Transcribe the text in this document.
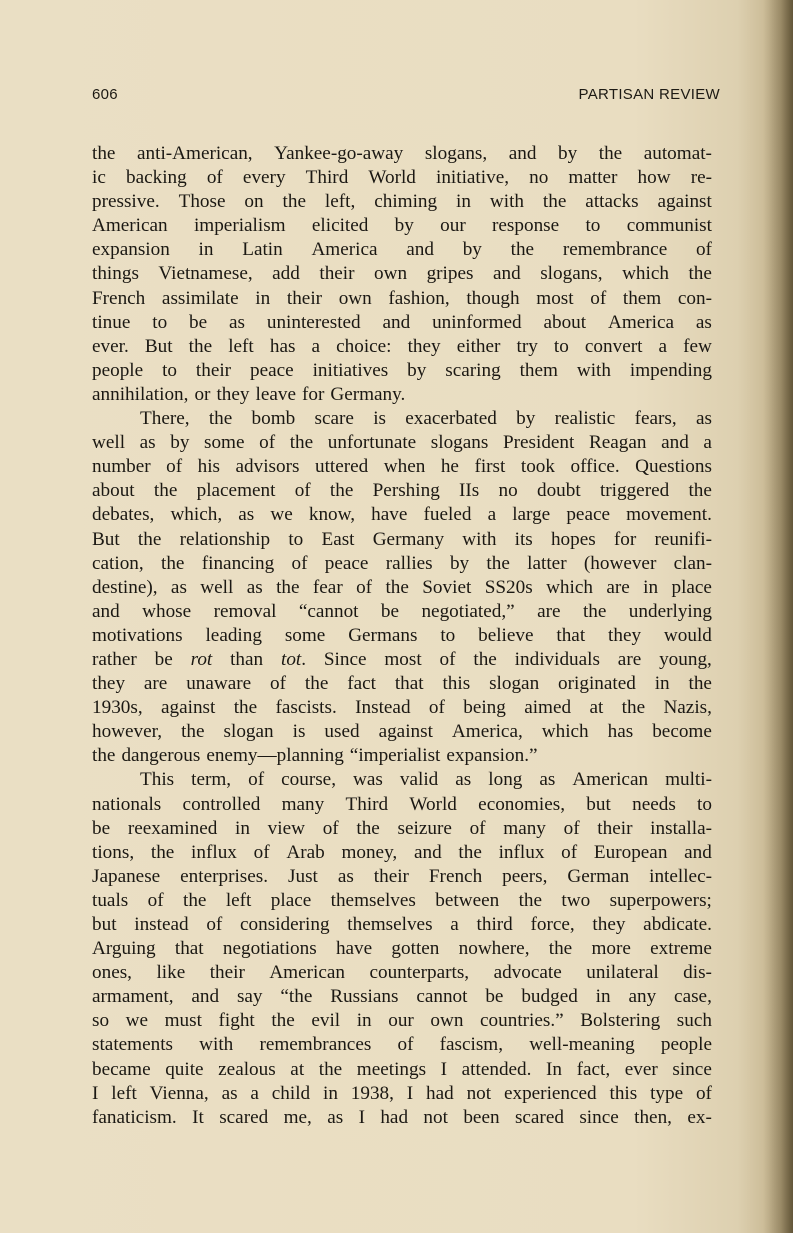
606	PARTISAN REVIEW
the anti-American, Yankee-go-away slogans, and by the automat-
ic backing of every Third World initiative, no matter how re-
pressive. Those on the left, chiming in with the attacks against
American imperialism elicited by our response to communist
expansion in Latin America and by the remembrance of
things Vietnamese, add their own gripes and slogans, which the
French assimilate in their own fashion, though most of them con-
tinue to be as uninterested and uninformed about America as
ever. But the left has a choice: they either try to convert a few
people to their peace initiatives by scaring them with impending
annihilation, or they leave for Germany.
There, the bomb scare is exacerbated by realistic fears, as
well as by some of the unfortunate slogans President Reagan and a
number of his advisors uttered when he first took office. Questions
about the placement of the Pershing IIs no doubt triggered the
debates, which, as we know, have fueled a large peace movement.
But the relationship to East Germany with its hopes for reunifi-
cation, the financing of peace rallies by the latter (however clan-
destine), as well as the fear of the Soviet SS20s which are in place
and whose removal “cannot be negotiated,” are the underlying
motivations leading some Germans to believe that they would
rather be rot than tot. Since most of the individuals are young,
they are unaware of the fact that this slogan originated in the
1930s, against the fascists. Instead of being aimed at the Nazis,
however, the slogan is used against America, which has become
the dangerous enemy—planning “imperialist expansion.”
This term, of course, was valid as long as American multi-
nationals controlled many Third World economies, but needs to
be reexamined in view of the seizure of many of their installa-
tions, the influx of Arab money, and the influx of European and
Japanese enterprises. Just as their French peers, German intellec-
tuals of the left place themselves between the two superpowers;
but instead of considering themselves a third force, they abdicate.
Arguing that negotiations have gotten nowhere, the more extreme
ones, like their American counterparts, advocate unilateral dis-
armament, and say “the Russians cannot be budged in any case,
so we must fight the evil in our own countries.” Bolstering such
statements with remembrances of fascism, well-meaning people
became quite zealous at the meetings I attended. In fact, ever since
I left Vienna, as a child in 1938, I had not experienced this type of
fanaticism. It scared me, as I had not been scared since then, ex-
